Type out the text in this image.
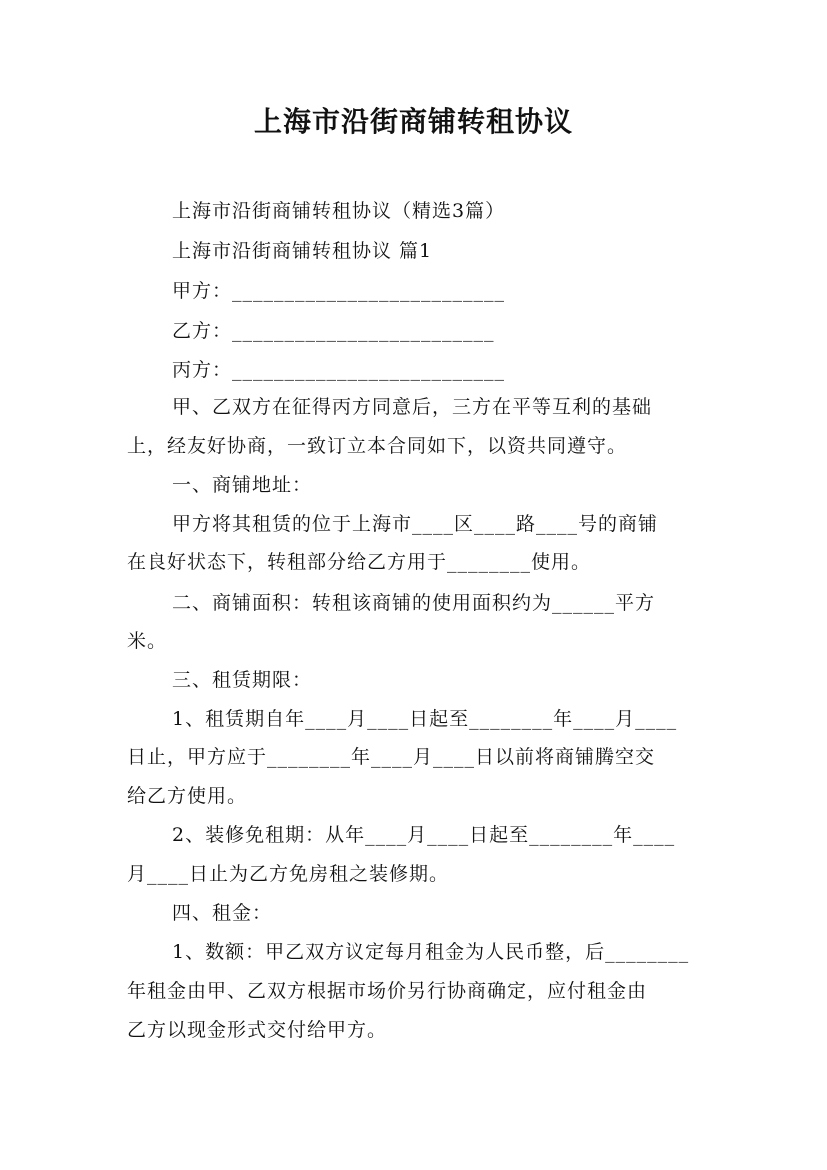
上海市沿街商铺转租协议
上海市沿街商铺转租协议（精选3篇）
上海市沿街商铺转租协议 篇1
甲方：__________________________
乙方：_________________________
丙方：__________________________
甲、乙双方在征得丙方同意后，三方在平等互利的基础
上，经友好协商，一致订立本合同如下，以资共同遵守。
一、商铺地址：
甲方将其租赁的位于上海市____区____路____号的商铺
在良好状态下，转租部分给乙方用于________使用。
二、商铺面积：转租该商铺的使用面积约为______平方
米。
三、租赁期限：
1、租赁期自年____月____日起至________年____月____
日止，甲方应于________年____月____日以前将商铺腾空交
给乙方使用。
2、装修免租期：从年____月____日起至________年____
月____日止为乙方免房租之装修期。
四、租金：
1、数额：甲乙双方议定每月租金为人民币整，后________
年租金由甲、乙双方根据市场价另行协商确定，应付租金由
乙方以现金形式交付给甲方。
